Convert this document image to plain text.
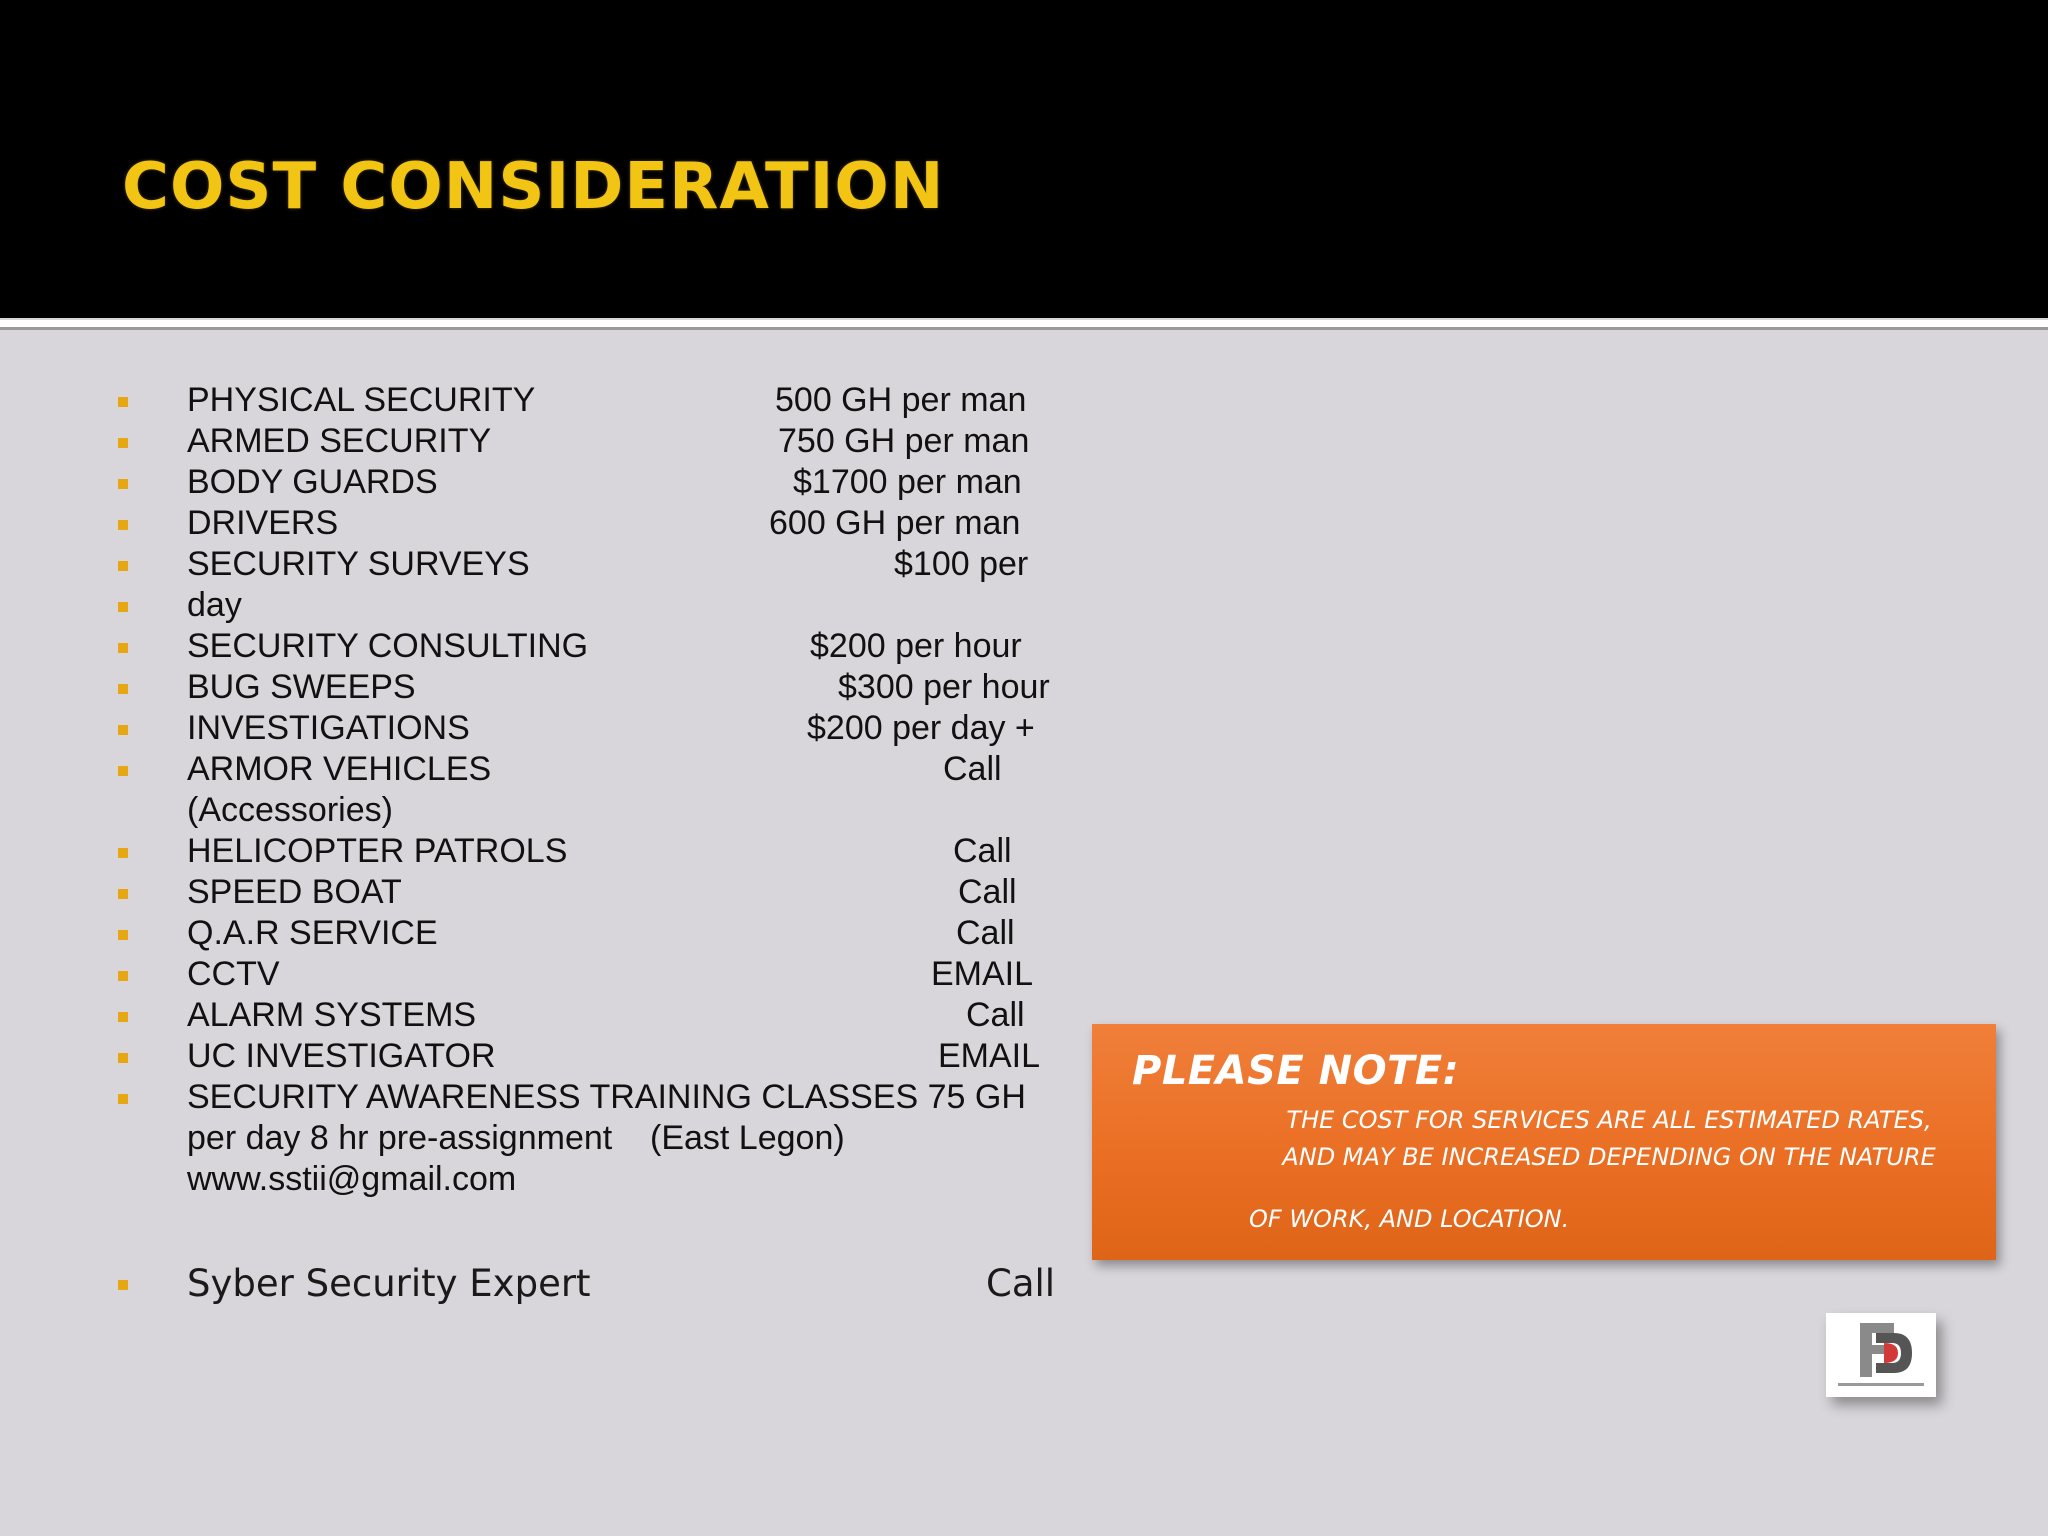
COST CONSIDERATION
PHYSICAL SECURITY	500 GH per man
ARMED SECURITY	750 GH per man
BODY GUARDS	$1700 per man
DRIVERS	600 GH per man
SECURITY SURVEYS	$100 per
day
SECURITY CONSULTING	$200 per hour
BUG SWEEPS	$300 per hour
INVESTIGATIONS	$200 per day +
ARMOR VEHICLES	Call
(Accessories)
HELICOPTER PATROLS	Call
SPEED BOAT	Call
Q.A.R SERVICE	Call
CCTV	EMAIL
ALARM SYSTEMS	Call
UC INVESTIGATOR	EMAIL
SECURITY AWARENESS TRAINING CLASSES 75 GH
per day 8 hr pre-assignment (East Legon)
www.sstii@gmail.com
Syber Security Expert	Call
PLEASE NOTE:
THE COST FOR SERVICES ARE ALL ESTIMATED RATES,
AND MAY BE INCREASED DEPENDING ON THE NATURE
OF WORK, AND LOCATION.
